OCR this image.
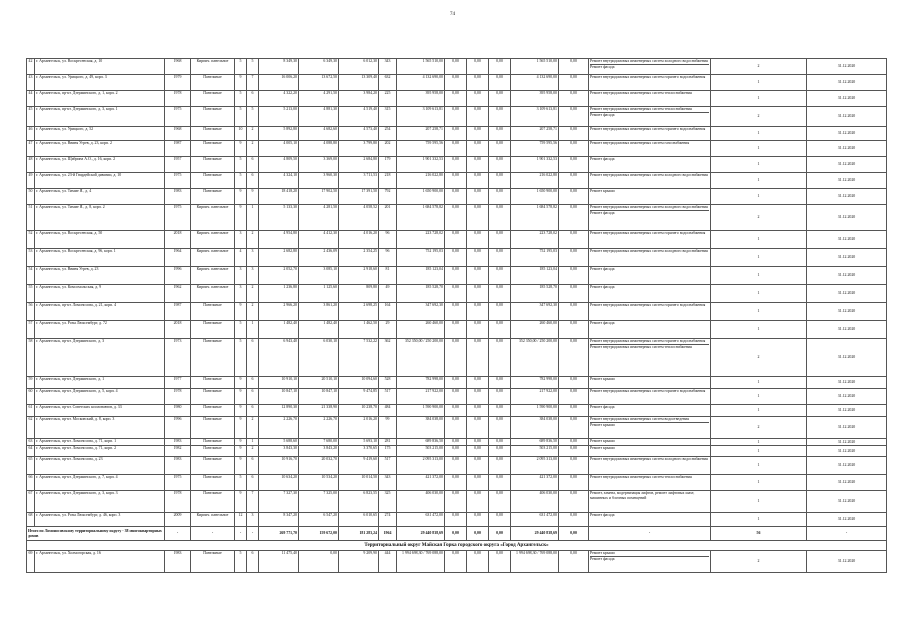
74
42	г. Архангельск, ул. Воскресенская, д. 10	1968	Кирпич. панельное	5	5	8 349,30	6 349,30	6 012,30	343	1 565 510,00	0,00	0,00	0,00	1 565 510,00	0,00	Ремонт внутридомовых инженерных систем холодного водоснабжения
Ремонт фасада	2	31.12.2020
43	г. Архангельск, ул. Урицкого, д. 49, корп. 3	1979	Панельные	9	7	16 006,20	13 672,50	13 309,40	632	4 132 690,00	0,00	0,00	0,00	4 132 690,00	0,00	Ремонт внутридомовых инженерных систем горячего водоснабжения	1	31.12.2020
44	г. Архангельск, пр-кт. Дзержинского, д. 1, корп. 2	1978	Панельные	5	6	4 322,20	4 291,50	3 984,20	225	395 958,00	0,00	0,00	0,00	395 958,00	0,00	Ремонт внутридомовых инженерных систем теплоснабжения	1	31.12.2020
45	г. Архангельск, пр-кт. Дзержинского, д. 3, корп. 1	1975	Панельные	5	5	5 213,00	4 881,30	4 519,40	315	3 109 613,81	0,00	0,00	0,00	3 109 613,81	0,00	Ремонт внутридомовых инженерных систем теплоснабжения
Ремонт фасада	2	31.12.2020
46	г. Архангельск, ул. Урицкого, д. 52	1968	Панельные	10	2	5 892,80	4 682,60	4 573,40	254	207 258,71	0,00	0,00	0,00	207 258,71	0,00	Ремонт внутридомовых инженерных систем горячего водоснабжения	1	31.12.2020
47	г. Архангельск, ул. Ввиня Угрев, д. 23, корп. 2	1987	Панельные	9	2	4 005,10	4 088,80	3 799,80	202	759 595,56	0,00	0,00	0,00	759 595,56	0,00	Ремонт внутридомовых инженерных систем газоснабжения	1	31.12.2020
48	г. Архангельск, ул. Щабрина А.О., д. 16, корп. 2	1957	Панельные	5	6	4 809,50	3 369,00	2 684,80	179	1 901 332,53	0,00	0,00	0,00	1 901 332,53	0,00	Ремонт фасада	1	31.12.2020
49	г. Архангельск, ул. 23-й Гвардейской дивизии, д. 10	1975	Панельные	5	6	4 324,10	3 960,30	3 711,53	218	216 022,80	0,00	0,00	0,00	216 022,80	0,00	Ремонт внутридомовых инженерных систем холодного водоснабжения	1	31.12.2020
50	г. Архангельск, ул. Тимме Я., д. 4	1983	Панельные	9	9	18 418,20	17 902,50	17 391,50	792	1 650 900,00	0,00	0,00	0,00	1 650 900,00	0,00	Ремонт крыши	1	31.12.2020
51	г. Архангельск, ул. Тимме Я., д. 8, корп. 2	1975	Кирпич. панельное	9	1	5 133,30	4 281,50	4 058,52	201	1 684 578,82	0,00	0,00	0,00	1 684 578,82	0,00	Ремонт внутридомовых инженерных систем холодного водоснабжения
Ремонт фасада	2	31.12.2020
52	г. Архангельск, ул. Воскресенская, д. 50	2018	Кирпич. панельное	3	2	4 954,80	4 412,30	4 016,20	96	223 728,02	0,00	0,00	0,00	223 728,02	0,00	Ремонт внутридомовых инженерных систем горячего водоснабжения	1	31.12.2020
53	г. Архангельск, ул. Воскресенская, д. 96, корп. 1	1964	Кирпич. панельное	4	3	2 682,80	2 436,09	2 354,25	96	752 195,03	0,00	0,00	0,00	752 195,03	0,00	Ремонт внутридомовых инженерных систем холодного водоснабжения	1	31.12.2020
54	г. Архангельск, ул. Ввиня Угрев, д. 23	1996	Кирпич. панельное	3	3	2 052,70	3 085,10	2 918,60	81	185 123,04	0,00	0,00	0,00	185 123,04	0,00	Ремонт фасада	1	31.12.2020
55	г. Архангельск, ул. Комсомольская, д. 9	1962	Кирпич. панельное	3	2	1 236,80	1 125,60	809,80	49	185 528,70	0,00	0,00	0,00	185 528,70	0,00	Ремонт фасада	1	31.12.2020
56	г. Архангельск, пр-кт. Ломоносова, д. 21, корп. 4	1987	Панельные	9	2	2 966,20	3 861,20	2 698,25	164	347 692,30	0,00	0,00	0,00	347 692,30	0,00	Ремонт внутридомовых инженерных систем горячего водоснабжения	1	31.12.2020
57	г. Архангельск, ул. Розы Люксембург, д. 72	2018	Панельные	5	1	1 482,40	1 482,40	1 462,50	29	260 460,00	0,00	0,00	0,00	260 460,00	0,00	Ремонт фасада	1	31.12.2020
58	г. Архангельск, пр-кт. Дзержинского, д. 3	1973	Панельные	5	6	6 943,40	6 030,10	7 532,22	362	352 350,00 / 250 200,00	0,00	0,00	0,00	352 350,00 / 250 200,00	0,00	Ремонт внутридомовых инженерных систем горячего водоснабжения
Ремонт внутридомовых инженерных систем теплоснабжения	2	31.12.2020
59	г. Архангельск, пр-кт. Дзержинского, д. 1	1977	Панельные	9	6	10 910,10	20 510,10	10 094,60	528	782 998,00	0,00	0,00	0,00	782 998,00	0,00	Ремонт крыши	1	31.12.2020
60	г. Архангельск, пр-кт. Дзержинского, д. 5, корп. 4	1978	Панельные	9	6	10 847,10	10 847,10	9 474,85	517	217 922,00	0,00	0,00	0,00	217 922,00	0,00	Ремонт внутридомовых инженерных систем горячего водоснабжения	1	31.12.2020
61	г. Архангельск, пр-кт. Советских космонавтов, д. 33	1980	Панельные	9	6	12 890,30	21 338,90	10 238,70	484	1 590 900,00	0,00	0,00	0,00	1 590 900,00	0,00	Ремонт фасада	1	31.12.2020
62	г. Архангельск, пр-кт. Московский, д. 8, корп. 3	1996	Панельные	9	2	2 226,70	2 226,70	2 016,20	99	384 038,00	0,00	0,00	0,00	384 038,00	0,00	Ремонт внутридомовых инженерных систем водоотведения
Ремонт крыши	2	31.12.2020
63	г. Архангельск, пр-кт. Ломоносова, д. 71, корп. 1	1983	Панельные	9	1	5 688,60	7 680,00	5 693,10	281	689 836,50	0,00	0,00	0,00	689 836,50	0,00	Ремонт крыши	1	31.12.2020
64	г. Архангельск, пр-кт. Ломоносова, д. 71, корп. 2	1982	Панельные	9	2	3 843,30	3 843,20	3 370,65	175	503 215,00	0,00	0,00	0,00	503 215,00	0,00	Ремонт крыши	1	31.12.2020
65	г. Архангельск, пр-кт. Ломоносова, д. 23	1983	Панельные	9	6	10 916,70	20 032,70	9 419,60	517	2 095 313,00	0,00	0,00	0,00	2 095 313,00	0,00	Ремонт внутридомовых инженерных систем холодного водоснабжения	1	31.12.2020
66	г. Архангельск, пр-кт. Дзержинского, д. 7, корп. 4	1975	Панельные	5	6	10 634,20	10 534,20	10 014,50	343	421 372,00	0,00	0,00	0,00	421 372,00	0,00	Ремонт внутридомовых инженерных систем теплоснабжения	1	31.12.2020
67	г. Архангельск, пр-кт. Дзержинского, д. 3, корп. 3	1978	Панельные	9	7	7 327,30	7 325,00	6 823,55	325	406 030,00	0,00	0,00	0,00	406 030,00	0,00	Ремонт, замена, модернизация лифтов, ремонт лифтовых шахт, машинных и блочных помещений	1	31.12.2020
68	г. Архангельск, ул. Розы Люксембург, д. 46, корп. 3	2009	Кирпич. панельное	12	3	8 347,20	6 547,20	6 010,65	274	631 472,00	0,00	0,00	0,00	631 472,00	0,00	Ремонт фасада	1	31.12.2020
Итого по Ломоносовскому территориальному округу - 38 многоквартирных домов		-	-	-	-	269 771,70	159 672,00	181 283,24	1964	29 440 838,69	0,00	0,00	0,00	29 440 838,69	0,00	-	56	-
Территориальный округ Майская Горка городского округа «Город Архангельск»																		
69	г. Архангельск, ул. Холмогорская, д. 16	1983	Панельные	5	6	11 475,40	0,00	9 209,90	444	1 994 698,30 / 769 088,00	0,00	0,00	0,00	1 994 698,30 / 769 088,00	0,00	Ремонт крыши
Ремонт фасада	2	31.12.2020
